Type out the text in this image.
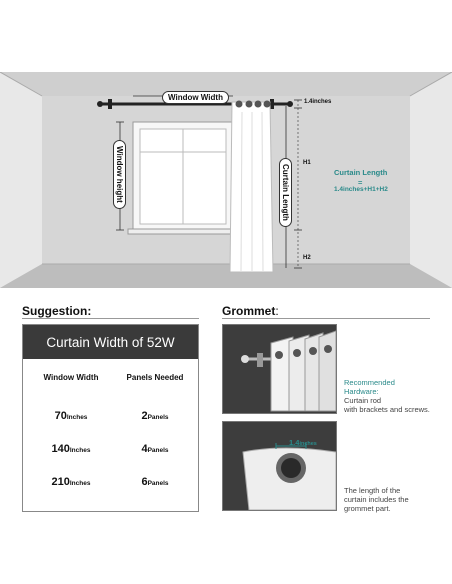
Window Width
Window height	Curtain Length
1.4inches
H1
H2
Curtain Length
=
1.4inches+H1+H2
Suggestion:
Curtain Width of 52W
Window Width	Panels Needed
70Inches	2Panels
140Inches	4Panels
210Inches	6Panels
Grommet:
Recommended
Hardware:
Curtain rod
with brackets and screws.
1.4inches
The length of the
curtain includes the
grommet part.
